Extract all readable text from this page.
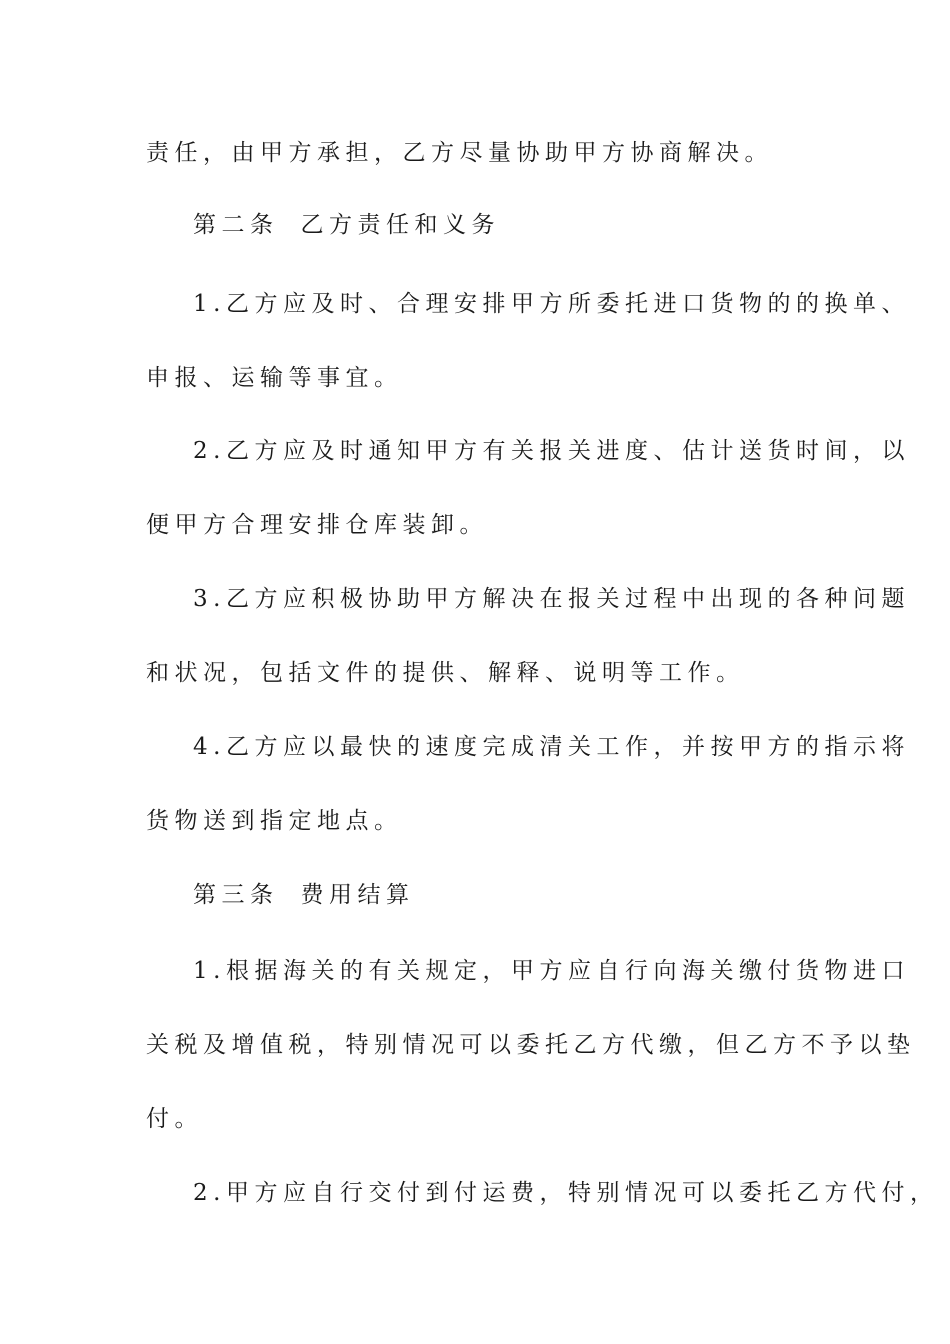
责任，由甲方承担，乙方尽量协助甲方协商解决。
第二条 乙方责任和义务
1.乙方应及时、合理安排甲方所委托进口货物的的换单、
申报、运输等事宜。
2.乙方应及时通知甲方有关报关进度、估计送货时间，以
便甲方合理安排仓库装卸。
3.乙方应积极协助甲方解决在报关过程中出现的各种问题
和状况，包括文件的提供、解释、说明等工作。
4.乙方应以最快的速度完成清关工作，并按甲方的指示将
货物送到指定地点。
第三条 费用结算
1.根据海关的有关规定，甲方应自行向海关缴付货物进口
关税及增值税，特别情况可以委托乙方代缴，但乙方不予以垫
付。
2.甲方应自行交付到付运费，特别情况可以委托乙方代付，
